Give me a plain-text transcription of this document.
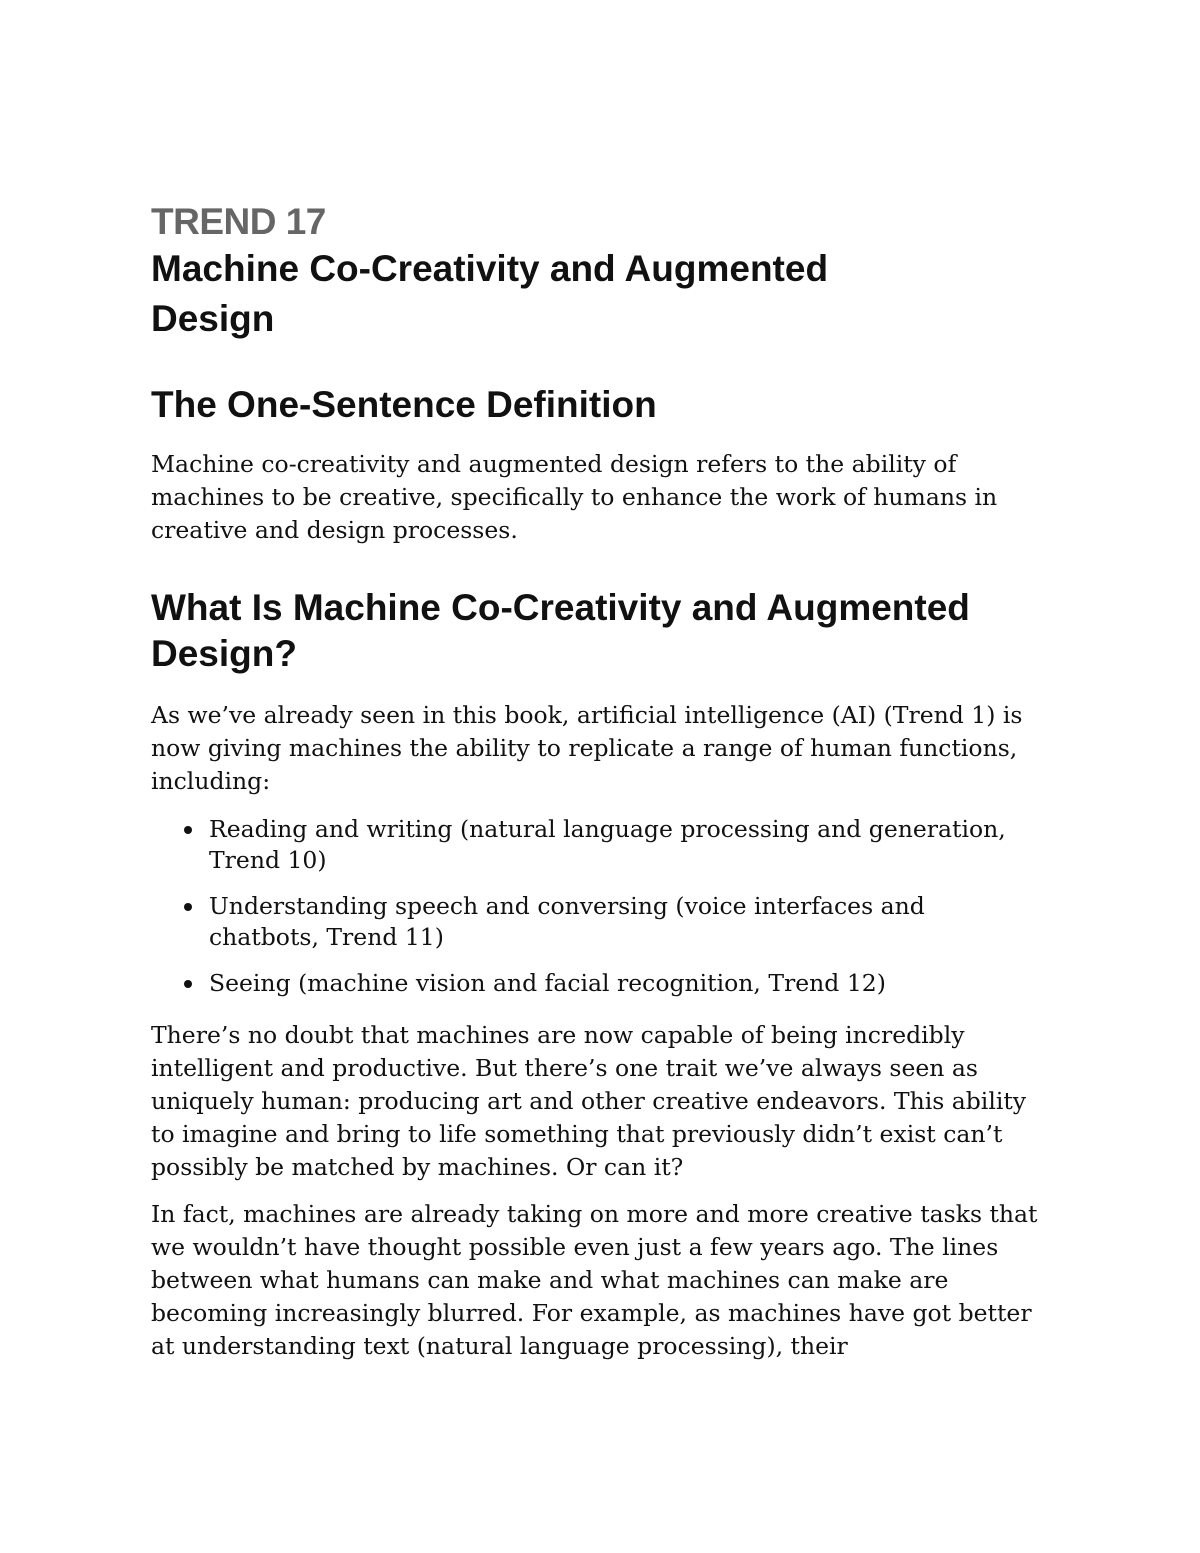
TREND 17
Machine Co-Creativity and Augmented Design
The One-Sentence Definition

Machine co-creativity and augmented design refers to the ability of machines to be creative, specifically to enhance the work of humans in creative and design processes.

What Is Machine Co-Creativity and Augmented Design?

As we’ve already seen in this book, artificial intelligence (AI) (Trend 1) is now giving machines the ability to replicate a range of human functions, including:

Reading and writing (natural language processing and generation, Trend 10)
Understanding speech and conversing (voice interfaces and chatbots, Trend 11)
Seeing (machine vision and facial recognition, Trend 12)

There’s no doubt that machines are now capable of being incredibly intelligent and productive. But there’s one trait we’ve always seen as uniquely human: producing art and other creative endeavors. This ability to imagine and bring to life something that previously didn’t exist can’t possibly be matched by machines. Or can it?

In fact, machines are already taking on more and more creative tasks that we wouldn’t have thought possible even just a few years ago. The lines between what humans can make and what machines can make are becoming increasingly blurred. For example, as machines have got better at understanding text (natural language processing), their
